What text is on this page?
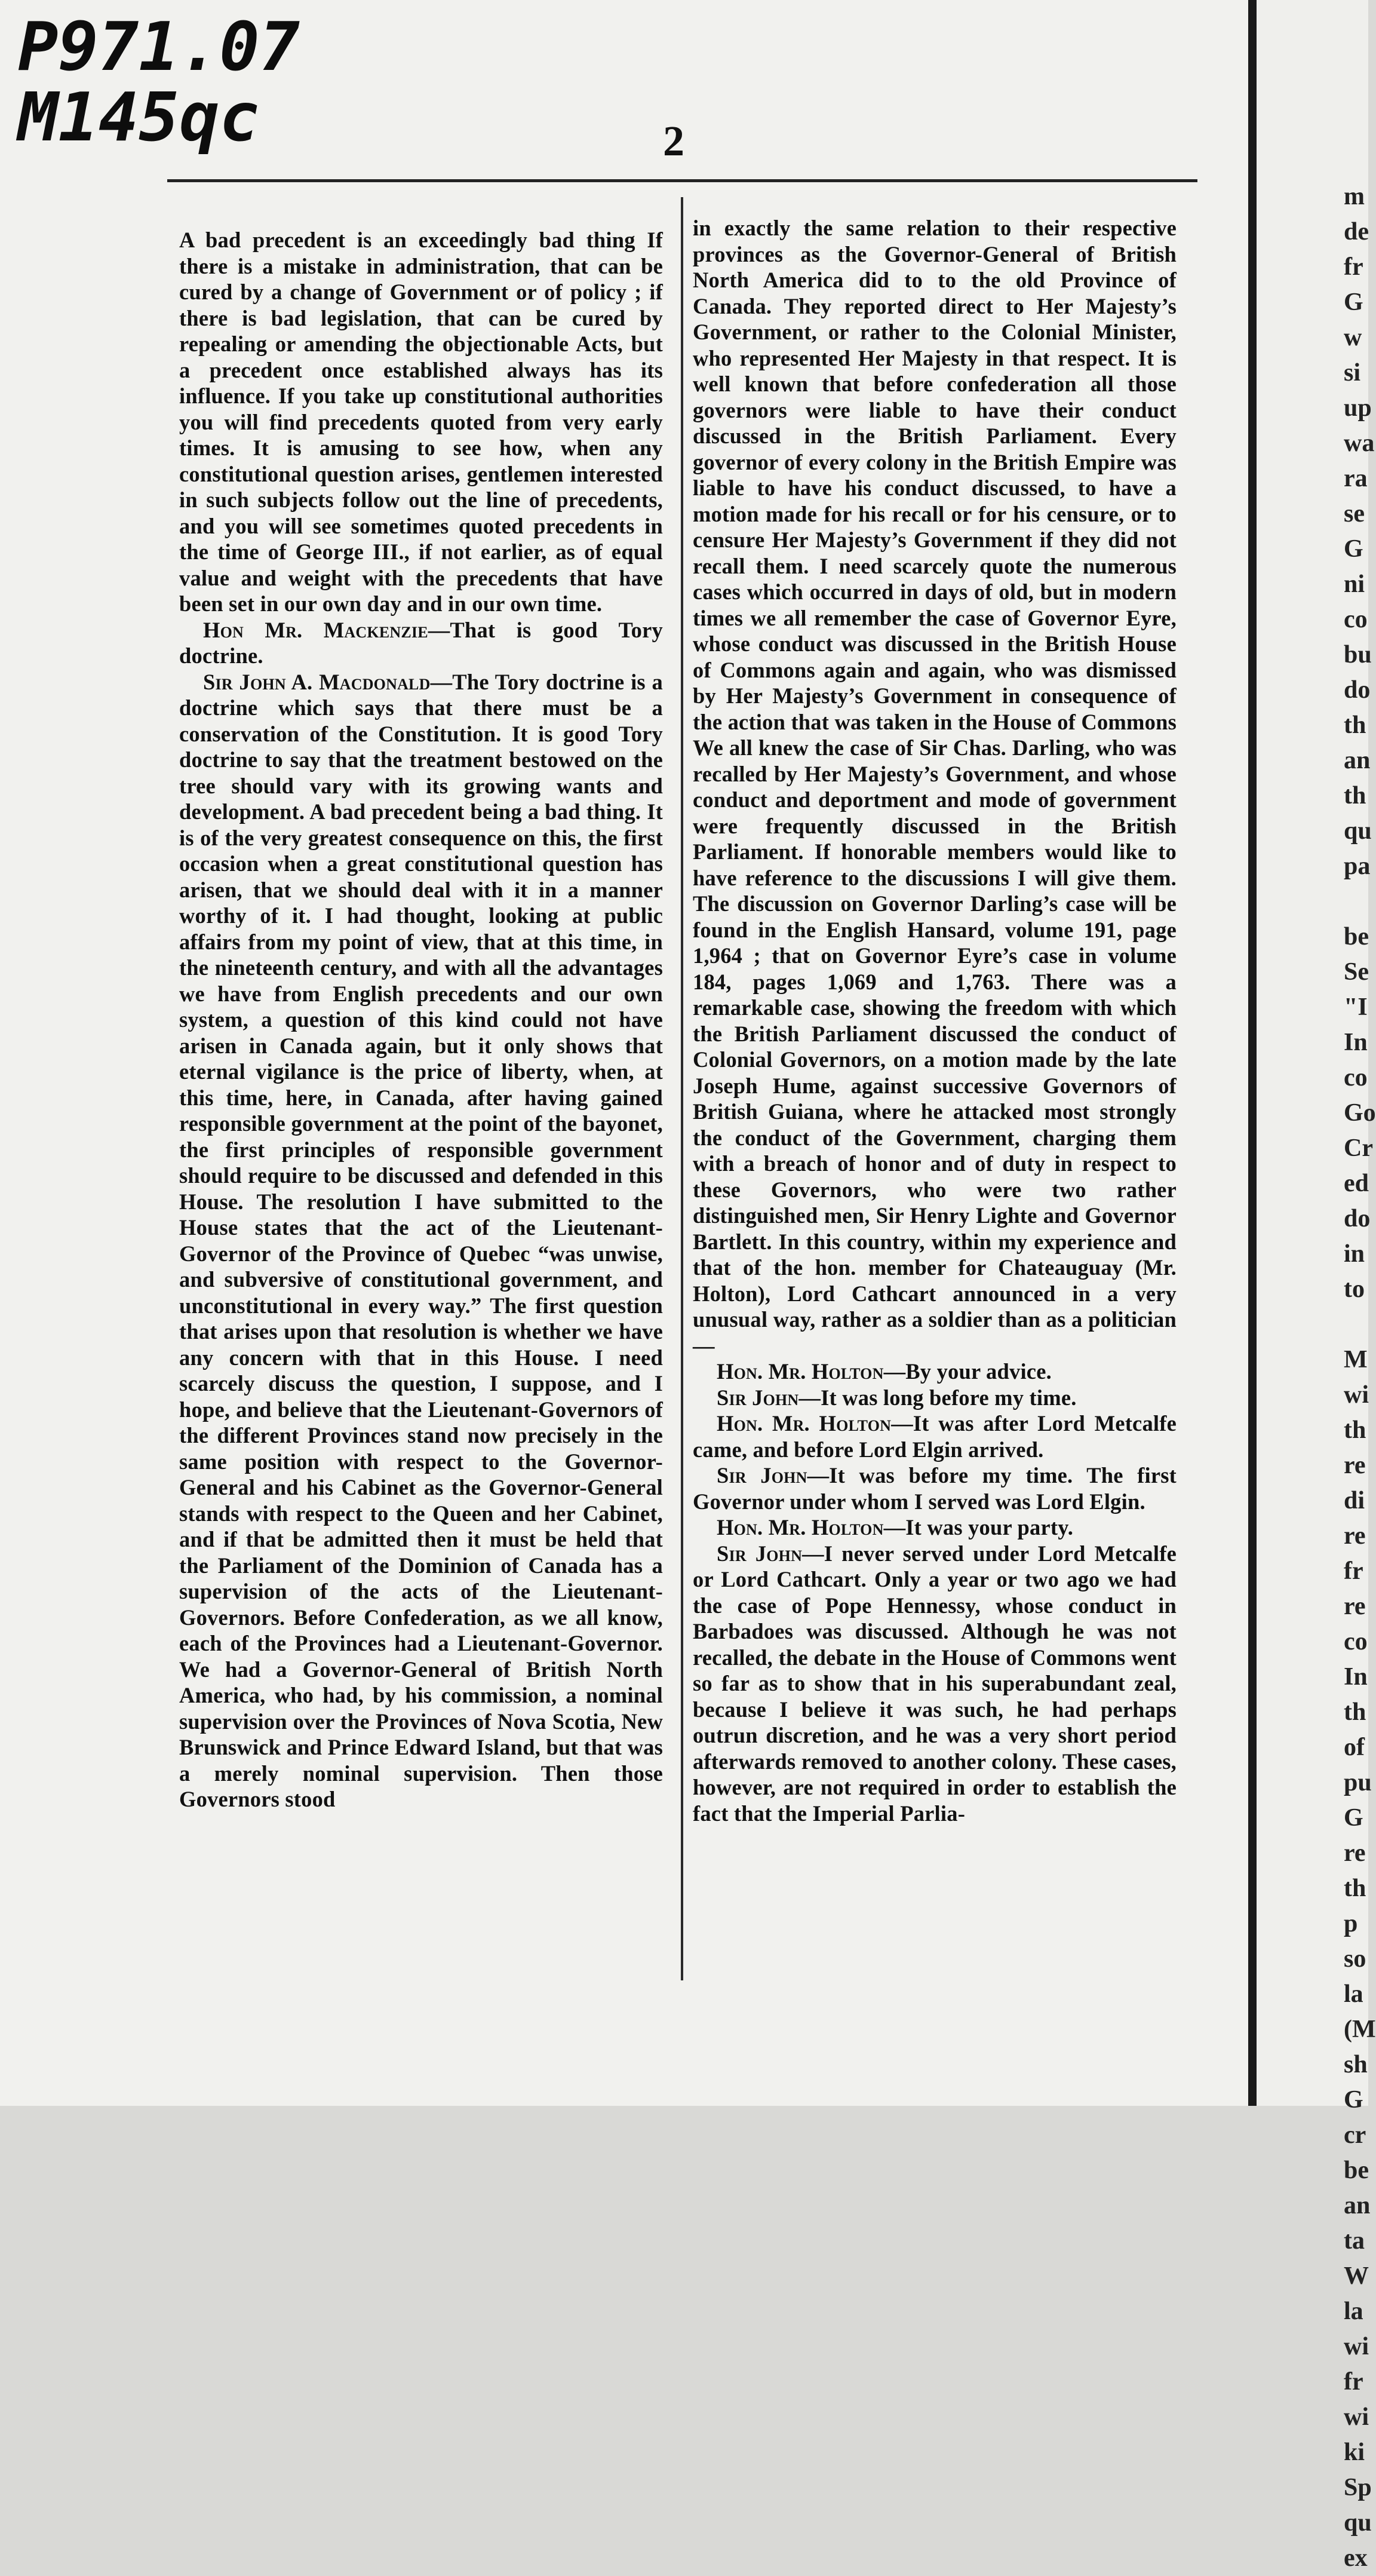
P971.07
M145qc	2

A bad precedent is an exceedingly bad thing If there is a mistake in administration, that can be cured by a change of Government or of policy ; if there is bad legislation, that can be cured by repealing or amending the objectionable Acts, but a precedent once established always has its influence. If you take up constitutional authorities you will find precedents quoted from very early times. It is amusing to see how, when any constitutional question arises, gentlemen interested in such subjects follow out the line of precedents, and you will see sometimes quoted precedents in the time of George III., if not earlier, as of equal value and weight with the precedents that have been set in our own day and in our own time.

Hon Mr. Mackenzie—That is good Tory doctrine.

Sir John A. Macdonald—The Tory doctrine is a doctrine which says that there must be a conservation of the Constitution. It is good Tory doctrine to say that the treatment bestowed on the tree should vary with its growing wants and development. A bad precedent being a bad thing. It is of the very greatest consequence on this, the first occasion when a great constitutional question has arisen, that we should deal with it in a manner worthy of it. I had thought, looking at public affairs from my point of view, that at this time, in the nineteenth century, and with all the advantages we have from English precedents and our own system, a question of this kind could not have arisen in Canada again, but it only shows that eternal vigilance is the price of liberty, when, at this time, here, in Canada, after having gained responsible government at the point of the bayonet, the first principles of responsible government should require to be discussed and defended in this House. The resolution I have submitted to the House states that the act of the Lieutenant-Governor of the Province of Quebec “was unwise, and subversive of constitutional government, and unconstitutional in every way.” The first question that arises upon that resolution is whether we have any concern with that in this House. I need scarcely discuss the question, I suppose, and I hope, and believe that the Lieutenant-Governors of the different Provinces stand now precisely in the same position with respect to the Governor-General and his Cabinet as the Governor-General stands with respect to the Queen and her Cabinet, and if that be admitted then it must be held that the Parliament of the Dominion of Canada has a supervision of the acts of the Lieutenant-Governors. Before Confederation, as we all know, each of the Provinces had a Lieutenant-Governor. We had a Governor-General of British North America, who had, by his commission, a nominal supervision over the Provinces of Nova Scotia, New Brunswick and Prince Edward Island, but that was a merely nominal supervision. Then those Governors stood

in exactly the same relation to their respective provinces as the Governor-General of British North America did to to the old Province of Canada. They reported direct to Her Majesty’s Government, or rather to the Colonial Minister, who represented Her Majesty in that respect. It is well known that before confederation all those governors were liable to have their conduct discussed in the British Parliament. Every governor of every colony in the British Empire was liable to have his conduct discussed, to have a motion made for his recall or for his censure, or to censure Her Majesty’s Government if they did not recall them. I need scarcely quote the numerous cases which occurred in days of old, but in modern times we all remember the case of Governor Eyre, whose conduct was discussed in the British House of Commons again and again, who was dismissed by Her Majesty’s Government in consequence of the action that was taken in the House of Commons We all knew the case of Sir Chas. Darling, who was recalled by Her Majesty’s Government, and whose conduct and deportment and mode of government were frequently discussed in the British Parliament. If honorable members would like to have reference to the discussions I will give them. The discussion on Governor Darling’s case will be found in the English Hansard, volume 191, page 1,964 ; that on Governor Eyre’s case in volume 184, pages 1,069 and 1,763. There was a remarkable case, showing the freedom with which the British Parliament discussed the conduct of Colonial Governors, on a motion made by the late Joseph Hume, against successive Governors of British Guiana, where he attacked most strongly the conduct of the Government, charging them with a breach of honor and of duty in respect to these Governors, who were two rather distinguished men, Sir Henry Lighte and Governor Bartlett. In this country, within my experience and that of the hon. member for Chateauguay (Mr. Holton), Lord Cathcart announced in a very unusual way, rather as a soldier than as a politician—

Hon. Mr. Holton—By your advice.

Sir John—It was long before my time.

Hon. Mr. Holton—It was after Lord Metcalfe came, and before Lord Elgin arrived.

Sir John—It was before my time. The first Governor under whom I served was Lord Elgin.

Hon. Mr. Holton—It was your party.

Sir John—I never served under Lord Metcalfe or Lord Cathcart. Only a year or two ago we had the case of Pope Hennessy, whose conduct in Barbadoes was discussed. Although he was not recalled, the debate in the House of Commons went so far as to show that in his superabundant zeal, because I believe it was such, he had perhaps outrun discretion, and he was a very short period afterwards removed to another colony. These cases, however, are not required in order to establish the fact that the Imperial Parlia-

m
de
fr
G
w
si
up
wa
ra
se
G
ni
co
bu
do
th
an
th
qu
pa

be
Se
"I
In
co
Go
Cr
ed
do
in
to

M
wi
th
re
di
re
fr
re
co
In
th
of
pu
G
re
th
p
so
la
(M
sh
G
cr
be
an
ta
W
la
wi
fr
wi
ki
Sp
qu
ex
